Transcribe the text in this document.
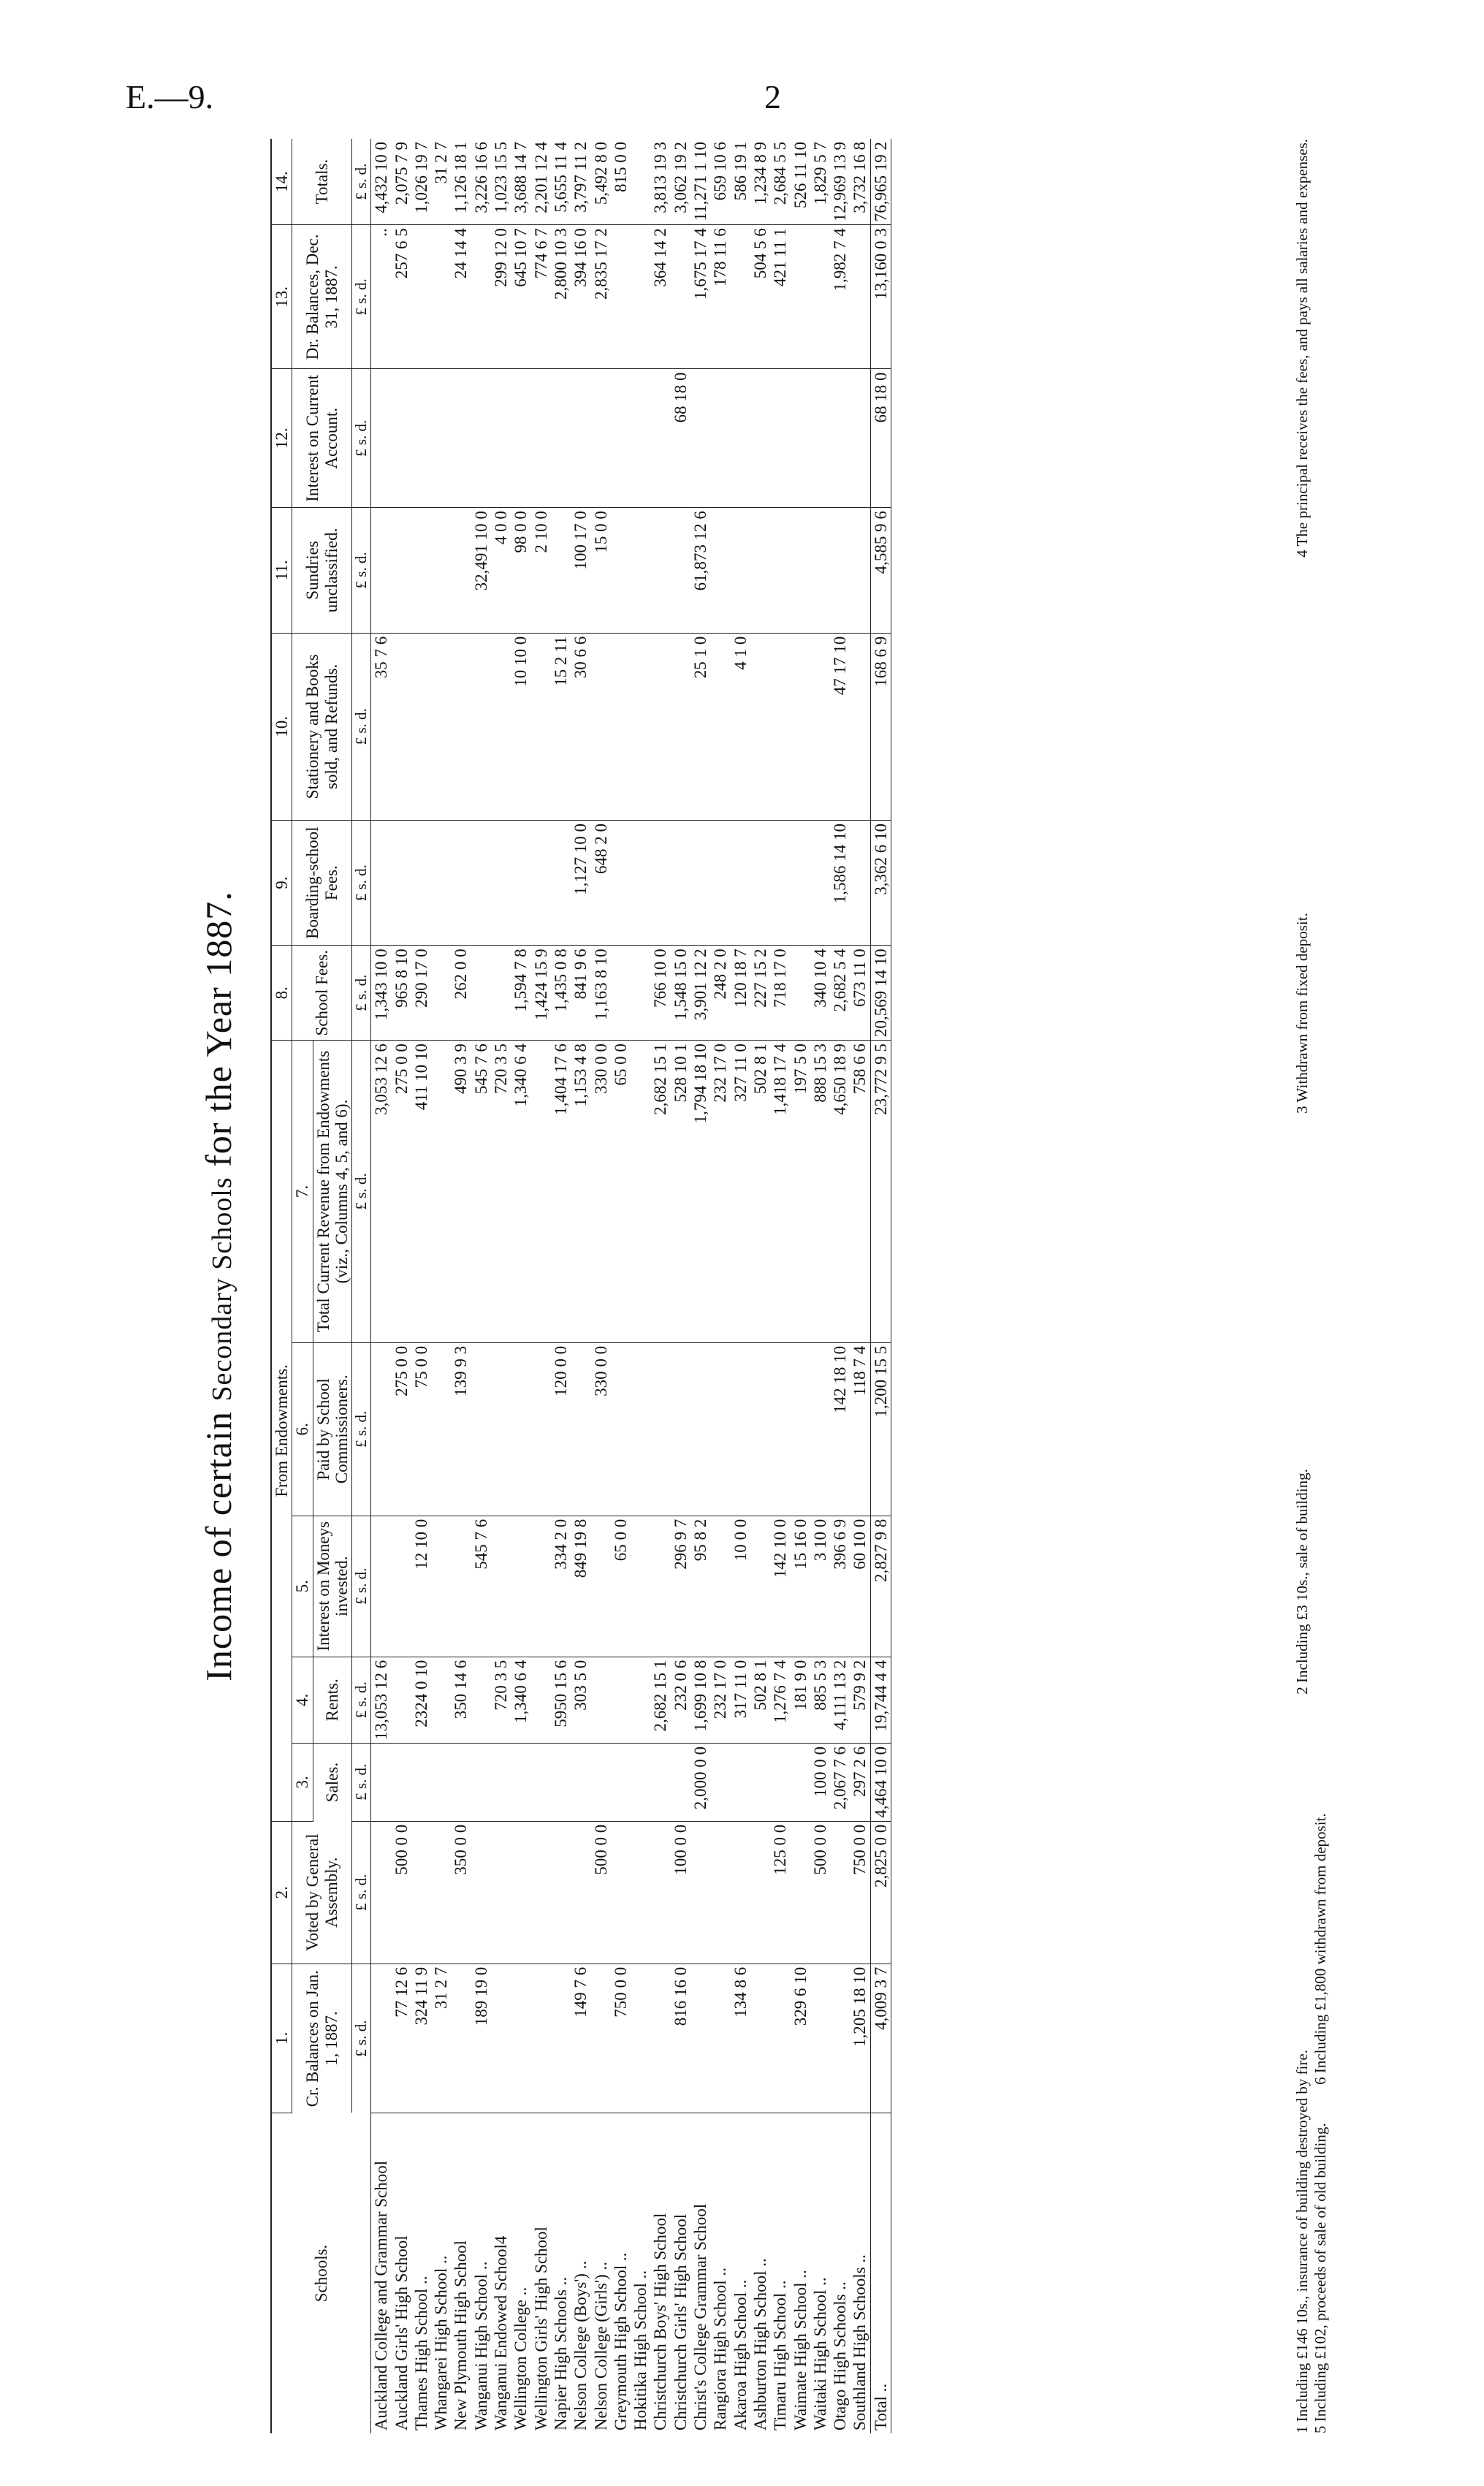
E.—9.	2
Income of certain Secondary Schools for the Year 1887.
Schools.	1.	2.	From Endowments.					8.	9.	10.	11.	12.	13.	14.
	Cr. Balances on Jan. 1, 1887.	Voted by General Assembly.	3.	4.	5.	6.	7.	School Fees.	Boarding-school Fees.	Stationery and Books sold, and Refunds.	Sundries unclassified.	Interest on Current Account.	Dr. Balances, Dec. 31, 1887.	Totals.
			Sales.	Rents.	Interest on Moneys invested.	Paid by School Commissioners.	Total Current Revenue from Endowments (viz., Columns 4, 5, and 6).							
	£ s. d.	£ s. d.	£ s. d.	£ s. d.	£ s. d.	£ s. d.	£ s. d.	£ s. d.	£ s. d.	£ s. d.	£ s. d.	£ s. d.	£ s. d.	£ s. d.
Auckland College and Grammar School				13,053 12 6			3,053 12 6	1,343 10 0		35 7 6			..	4,432 10 0
Auckland Girls' High School	77 12 6	500 0 0				275 0 0	275 0 0	965 8 10					257 6 5	2,075 7 9
Thames High School ..	324 11 9			2324 0 10	12 10 0	75 0 0	411 10 10	290 17 0						1,026 19 7
Whangarei High School ..	31 2 7													31 2 7
New Plymouth High School		350 0 0		350 14 6		139 9 3	490 3 9	262 0 0					24 14 4	1,126 18 1
Wanganui High School ..	189 19 0				545 7 6		545 7 6				32,491 10 0			3,226 16 6
Wanganui Endowed School4				720 3 5			720 3 5				4 0 0		299 12 0	1,023 15 5
Wellington College ..				1,340 6 4			1,340 6 4	1,594 7 8		10 10 0	98 0 0		645 10 7	3,688 14 7
Wellington Girls' High School								1,424 15 9			2 10 0		774 6 7	2,201 12 4
Napier High Schools ..				5950 15 6	334 2 0	120 0 0	1,404 17 6	1,435 0 8		15 2 11			2,800 10 3	5,655 11 4
Nelson College (Boys') ..	149 7 6			303 5 0	849 19 8		1,153 4 8	841 9 6	1,127 10 0	30 6 6	100 17 0		394 16 0	3,797 11 2
Nelson College (Girls') ..		500 0 0				330 0 0	330 0 0	1,163 8 10	648 2 0		15 0 0		2,835 17 2	5,492 8 0
Greymouth High School ..	750 0 0				65 0 0		65 0 0							815 0 0
Hokitika High School ..														
Christchurch Boys' High School				2,682 15 1			2,682 15 1	766 10 0					364 14 2	3,813 19 3
Christchurch Girls' High School	816 16 0	100 0 0		232 0 6	296 9 7		528 10 1	1,548 15 0				68 18 0		3,062 19 2
Christ's College Grammar School			2,000 0 0	1,699 10 8	95 8 2		1,794 18 10	3,901 12 2		25 1 0	61,873 12 6		1,675 17 4	11,271 1 10
Rangiora High School ..				232 17 0			232 17 0	248 2 0					178 11 6	659 10 6
Akaroa High School ..	134 8 6			317 11 0	10 0 0		327 11 0	120 18 7		4 1 0				586 19 1
Ashburton High School ..				502 8 1			502 8 1	227 15 2					504 5 6	1,234 8 9
Timaru High School ..		125 0 0		1,276 7 4	142 10 0		1,418 17 4	718 17 0					421 11 1	2,684 5 5
Waimate High School ..	329 6 10			181 9 0	15 16 0		197 5 0							526 11 10
Waitaki High School ..		500 0 0	100 0 0	885 5 3	3 10 0		888 15 3	340 10 4						1,829 5 7
Otago High Schools ..			2,067 7 6	4,111 13 2	396 6 9	142 18 10	4,650 18 9	2,682 5 4	1,586 14 10	47 17 10			1,982 7 4	12,969 13 9
Southland High Schools ..	1,205 18 10	750 0 0	297 2 6	579 9 2	60 10 0	118 7 4	758 6 6	673 11 0						3,732 16 8
Total ..	4,009 3 7	2,825 0 0	4,464 10 0	19,744 4 4	2,827 9 8	1,200 15 5	23,772 9 5	20,569 14 10	3,362 6 10	168 6 9	4,585 9 6	68 18 0	13,160 0 3	76,965 19 2
1 Including £146 10s., insurance of building destroyed by fire.
2 Including £3 10s., sale of building.
3 Withdrawn from fixed deposit.
4 The principal receives the fees, and pays all salaries and expenses.
5 Including £102, proceeds of sale of old building.          6 Including £1,800 withdrawn from deposit.
